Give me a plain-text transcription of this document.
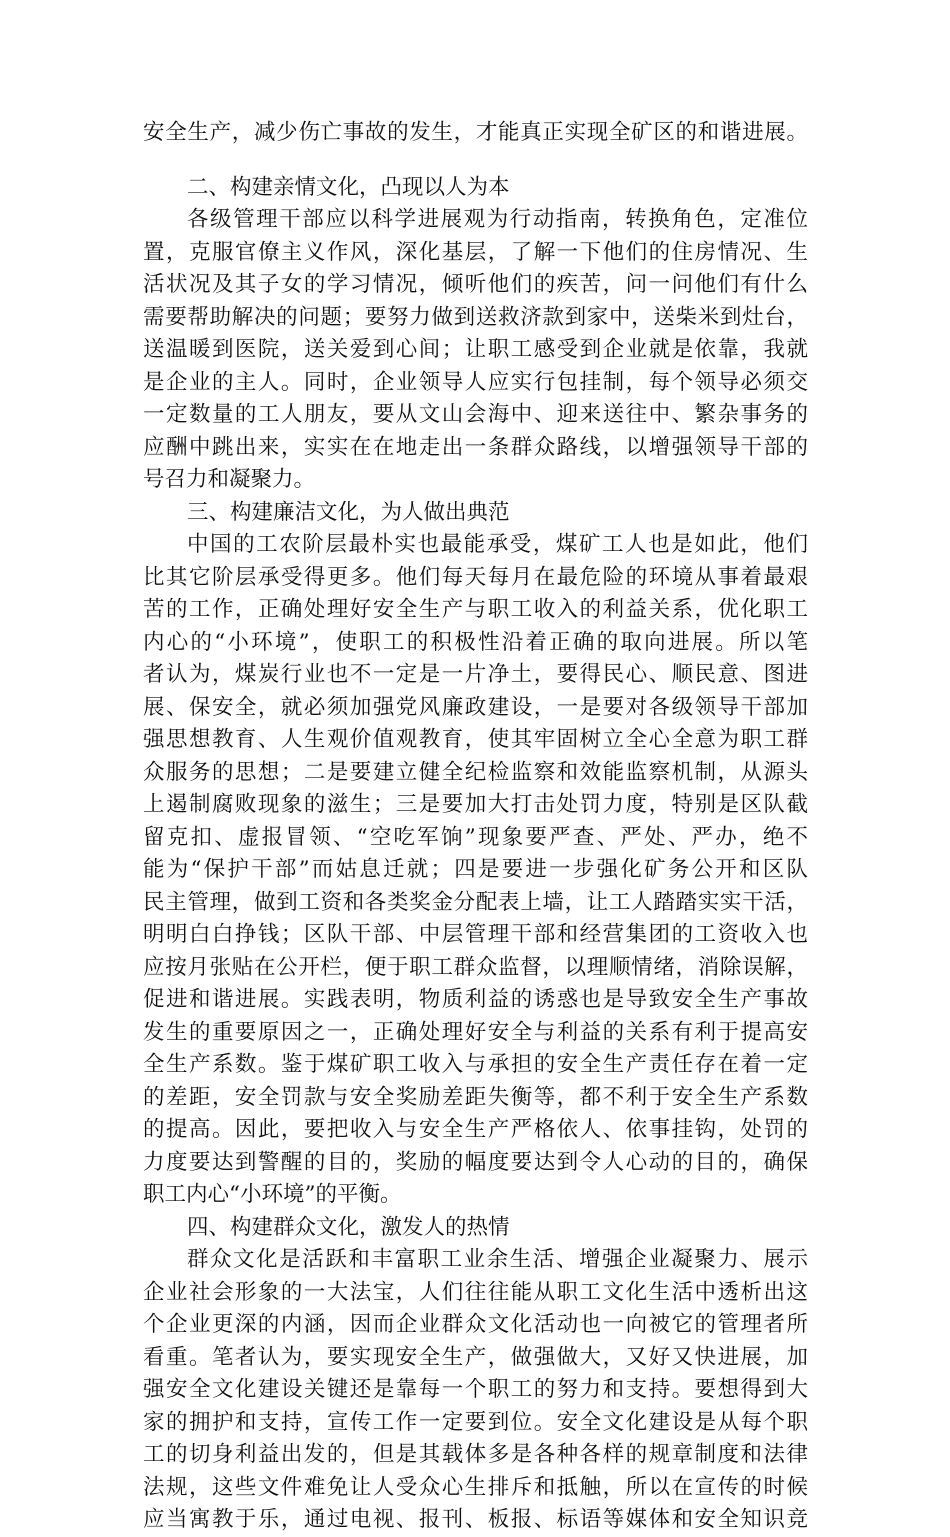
安全生产，减少伤亡事故的发生，才能真正实现全矿区的和谐进展。
二、构建亲情文化，凸现以人为本
各级管理干部应以科学进展观为行动指南，转换角色，定准位
置，克服官僚主义作风，深化基层，了解一下他们的住房情况、生
活状况及其子女的学习情况，倾听他们的疾苦，问一问他们有什么
需要帮助解决的问题；要努力做到送救济款到家中，送柴米到灶台，
送温暖到医院，送关爱到心间；让职工感受到企业就是依靠，我就
是企业的主人。同时，企业领导人应实行包挂制，每个领导必须交
一定数量的工人朋友，要从文山会海中、迎来送往中、繁杂事务的
应酬中跳出来，实实在在地走出一条群众路线，以增强领导干部的
号召力和凝聚力。
三、构建廉洁文化，为人做出典范
中国的工农阶层最朴实也最能承受，煤矿工人也是如此，他们
比其它阶层承受得更多。他们每天每月在最危险的环境从事着最艰
苦的工作，正确处理好安全生产与职工收入的利益关系，优化职工
内心的“小环境”，使职工的积极性沿着正确的取向进展。所以笔
者认为，煤炭行业也不一定是一片净土，要得民心、顺民意、图进
展、保安全，就必须加强党风廉政建设，一是要对各级领导干部加
强思想教育、人生观价值观教育，使其牢固树立全心全意为职工群
众服务的思想；二是要建立健全纪检监察和效能监察机制，从源头
上遏制腐败现象的滋生；三是要加大打击处罚力度，特别是区队截
留克扣、虚报冒领、“空吃军饷”现象要严查、严处、严办，绝不
能为“保护干部”而姑息迁就；四是要进一步强化矿务公开和区队
民主管理，做到工资和各类奖金分配表上墙，让工人踏踏实实干活，
明明白白挣钱；区队干部、中层管理干部和经营集团的工资收入也
应按月张贴在公开栏，便于职工群众监督，以理顺情绪，消除误解，
促进和谐进展。实践表明，物质利益的诱惑也是导致安全生产事故
发生的重要原因之一，正确处理好安全与利益的关系有利于提高安
全生产系数。鉴于煤矿职工收入与承担的安全生产责任存在着一定
的差距，安全罚款与安全奖励差距失衡等，都不利于安全生产系数
的提高。因此，要把收入与安全生产严格依人、依事挂钩，处罚的
力度要达到警醒的目的，奖励的幅度要达到令人心动的目的，确保
职工内心“小环境”的平衡。
四、构建群众文化，激发人的热情
群众文化是活跃和丰富职工业余生活、增强企业凝聚力、展示
企业社会形象的一大法宝，人们往往能从职工文化生活中透析出这
个企业更深的内涵，因而企业群众文化活动也一向被它的管理者所
看重。笔者认为，要实现安全生产，做强做大，又好又快进展，加
强安全文化建设关键还是靠每一个职工的努力和支持。要想得到大
家的拥护和支持，宣传工作一定要到位。安全文化建设是从每个职
工的切身利益出发的，但是其载体多是各种各样的规章制度和法律
法规，这些文件难免让人受众心生排斥和抵触，所以在宣传的时候
应当寓教于乐，通过电视、报刊、板报、标语等媒体和安全知识竞
